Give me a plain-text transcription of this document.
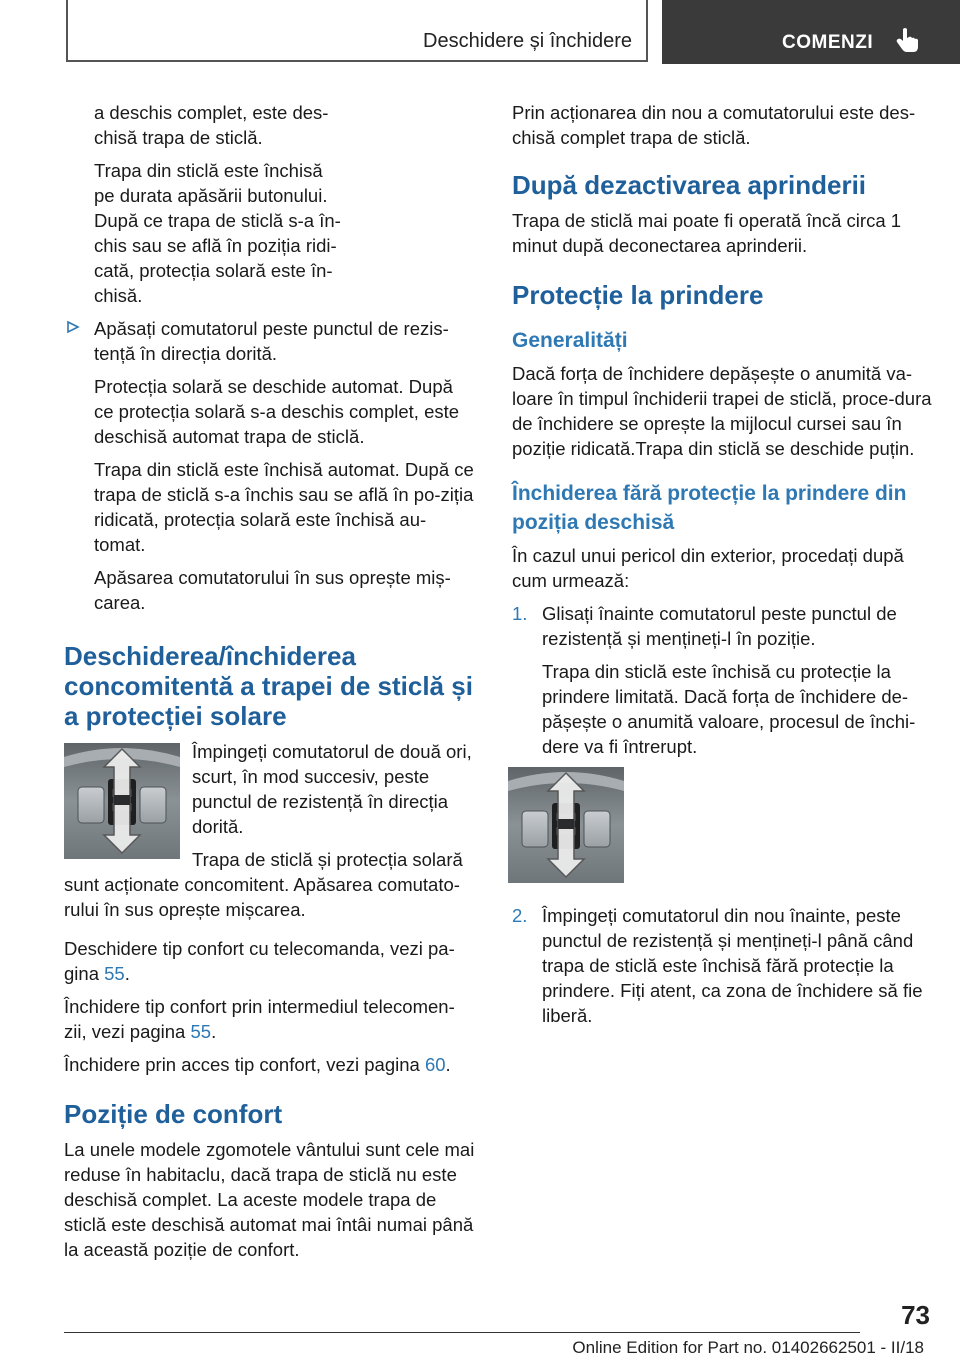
Deschidere și închidere	COMENZI

a deschis complet, este des-chisă trapa de sticlă.

Trapa din sticlă este închisă pe durata apăsării butonului. După ce trapa de sticlă s-a în-chis sau se află în poziția ridi-cată, protecția solară este în-chisă.

Apăsați comutatorul peste punctul de rezis-tență în direcția dorită.

Protecția solară se deschide automat. După ce protecția solară s-a deschis complet, este deschisă automat trapa de sticlă.

Trapa din sticlă este închisă automat. După ce trapa de sticlă s-a închis sau se află în po-ziția ridicată, protecția solară este închisă au-tomat.

Apăsarea comutatorului în sus oprește miș-carea.

Deschiderea/închiderea concomitentă a trapei de sticlă și a protecției solare

Împingeți comutatorul de două ori, scurt, în mod succesiv, peste punctul de rezistență în direcția dorită.

Trapa de sticlă și protecția solară sunt acționate concomitent. Apăsarea comutato-rului în sus oprește mișcarea.

Deschidere tip confort cu telecomanda, vezi pa-gina 55.

Închidere tip confort prin intermediul telecomen-zii, vezi pagina 55.

Închidere prin acces tip confort, vezi pagina 60.

Poziție de confort

La unele modele zgomotele vântului sunt cele mai reduse în habitaclu, dacă trapa de sticlă nu este deschisă complet. La aceste modele trapa de sticlă este deschisă automat mai întâi numai până la această poziție de confort.

Prin acționarea din nou a comutatorului este des-chisă complet trapa de sticlă.

După dezactivarea aprinderii

Trapa de sticlă mai poate fi operată încă circa 1 minut după deconectarea aprinderii.

Protecție la prindere
Generalități

Dacă forța de închidere depășește o anumită va-loare în timpul închiderii trapei de sticlă, proce-dura de închidere se oprește la mijlocul cursei sau în poziție ridicată.Trapa din sticlă se deschide puțin.

Închiderea fără protecție la prindere din poziția deschisă

În cazul unui pericol din exterior, procedați după cum urmează:

1. Glisați înainte comutatorul peste punctul de rezistență și mențineți-l în poziție.

Trapa din sticlă este închisă cu protecție la prindere limitată. Dacă forța de închidere de-pășește o anumită valoare, procesul de închi-dere va fi întrerupt.

2. Împingeți comutatorul din nou înainte, peste punctul de rezistență și mențineți-l până când trapa de sticlă este închisă fără protecție la prindere. Fiți atent, ca zona de închidere să fie liberă.

73
Online Edition for Part no. 01402662501 - II/18
